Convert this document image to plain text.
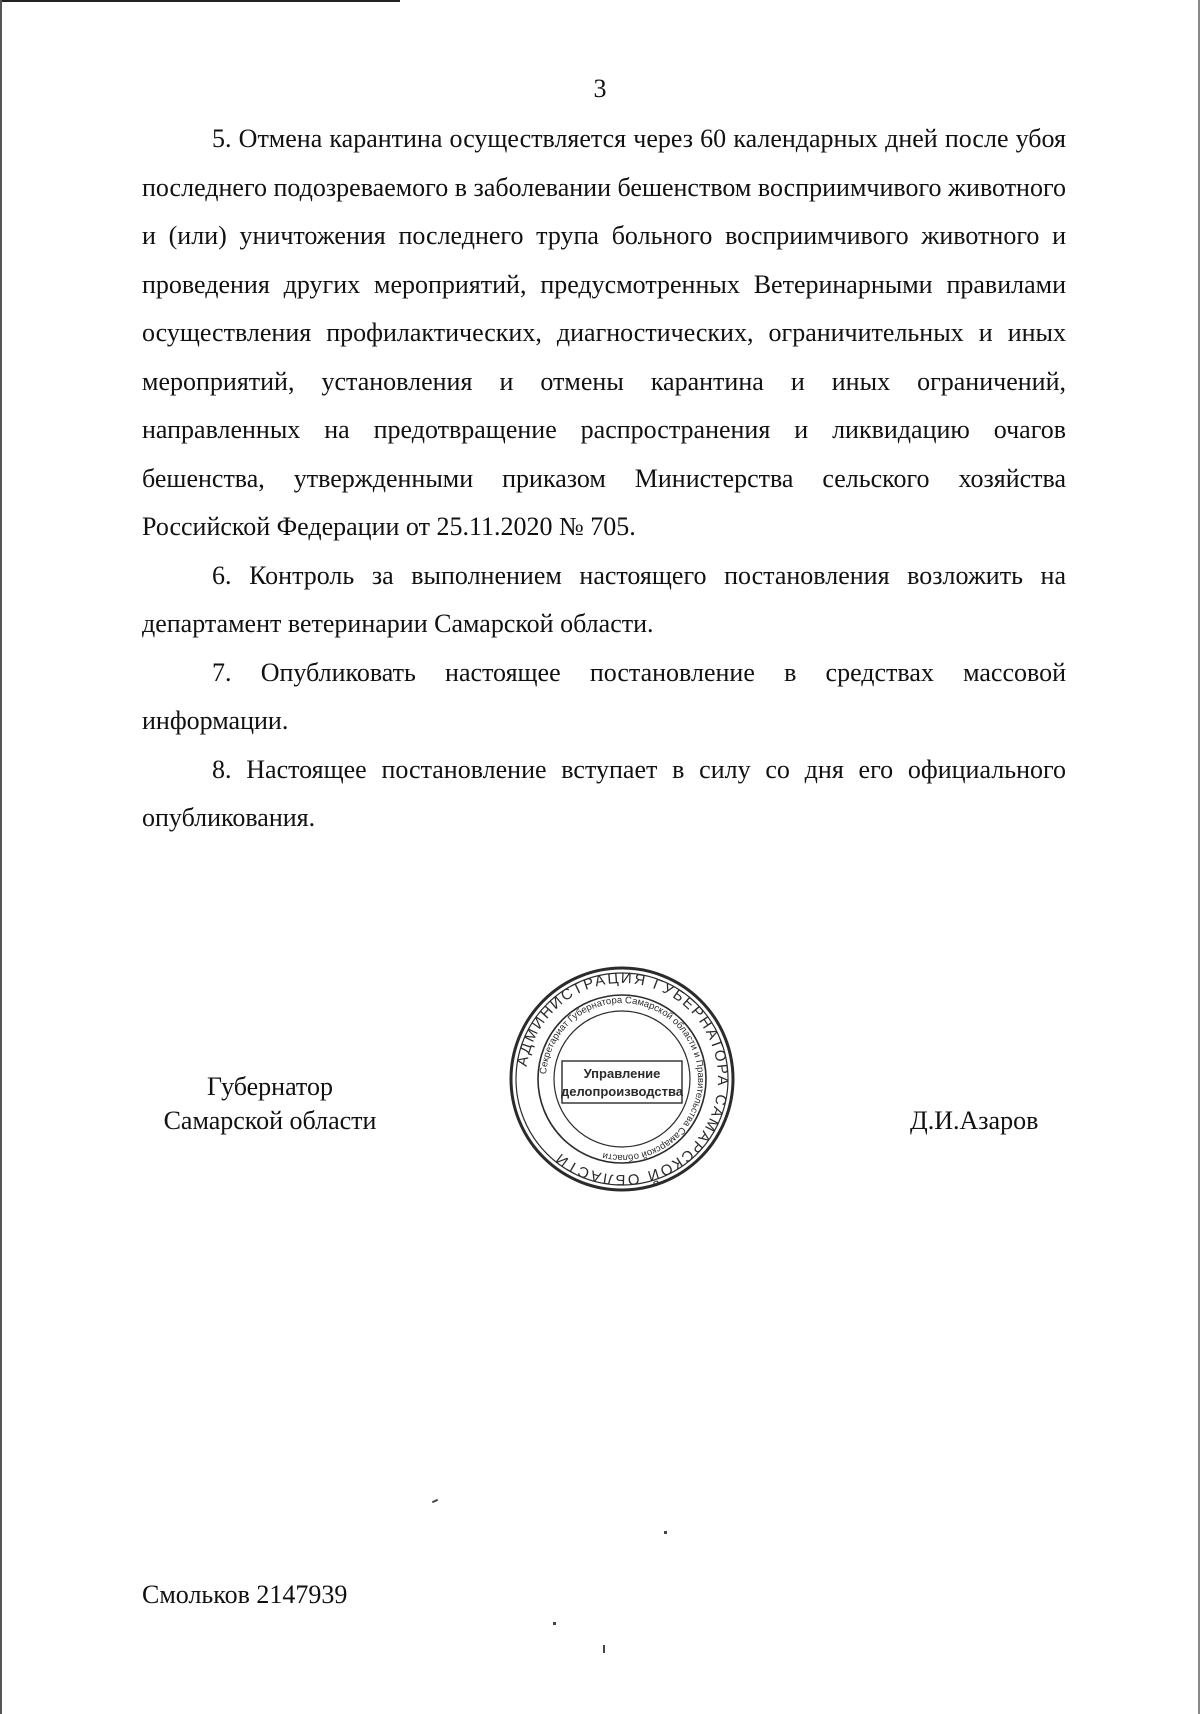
3

5. Отмена карантина осуществляется через 60 календарных дней после убоя последнего подозреваемого в заболевании бешенством восприимчивого животного и (или) уничтожения последнего трупа больного восприимчивого животного и проведения других мероприятий, предусмотренных Ветеринарными правилами осуществления профилактических, диагностических, ограничительных и иных мероприятий, установления и отмены карантина и иных ограничений, направленных на предотвращение распространения и ликвидацию очагов бешенства, утвержденными приказом Министерства сельского хозяйства Российской Федерации от 25.11.2020 № 705.

6. Контроль за выполнением настоящего постановления возложить на департамент ветеринарии Самарской области.

7. Опубликовать настоящее постановление в средствах массовой информации.

8. Настоящее постановление вступает в силу со дня его официального опубликования.

Губернатор
Самарской области
АДМИНИСТРАЦИЯ ГУБЕРНАТОРА САМАРСКОЙ ОБЛАСТИ
Секретариат Губернатора Самарской области и Правительства Самарской области
Управление
делопроизводства
Д.И.Азаров
Смольков 2147939
